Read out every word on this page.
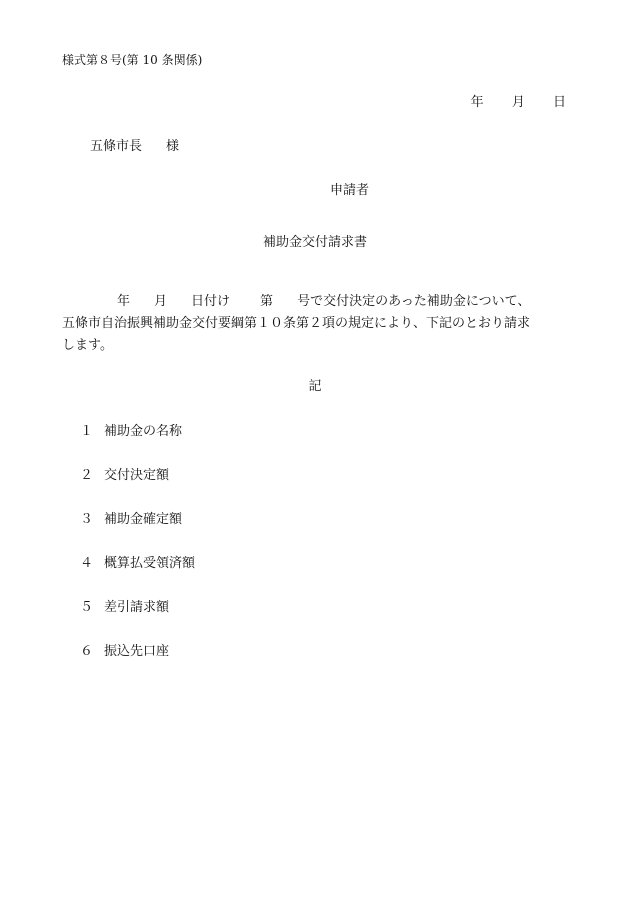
様式第８号(第 10 条関係)
年 月 日
五條市長 様
申請者
補助金交付請求書
年 月 日付け 第 号で交付決定のあった補助金について、
五條市自治振興補助金交付要綱第１０条第２項の規定により、下記のとおり請求
します。
記
１ 補助金の名称
２ 交付決定額
３ 補助金確定額
４ 概算払受領済額
５ 差引請求額
６ 振込先口座
